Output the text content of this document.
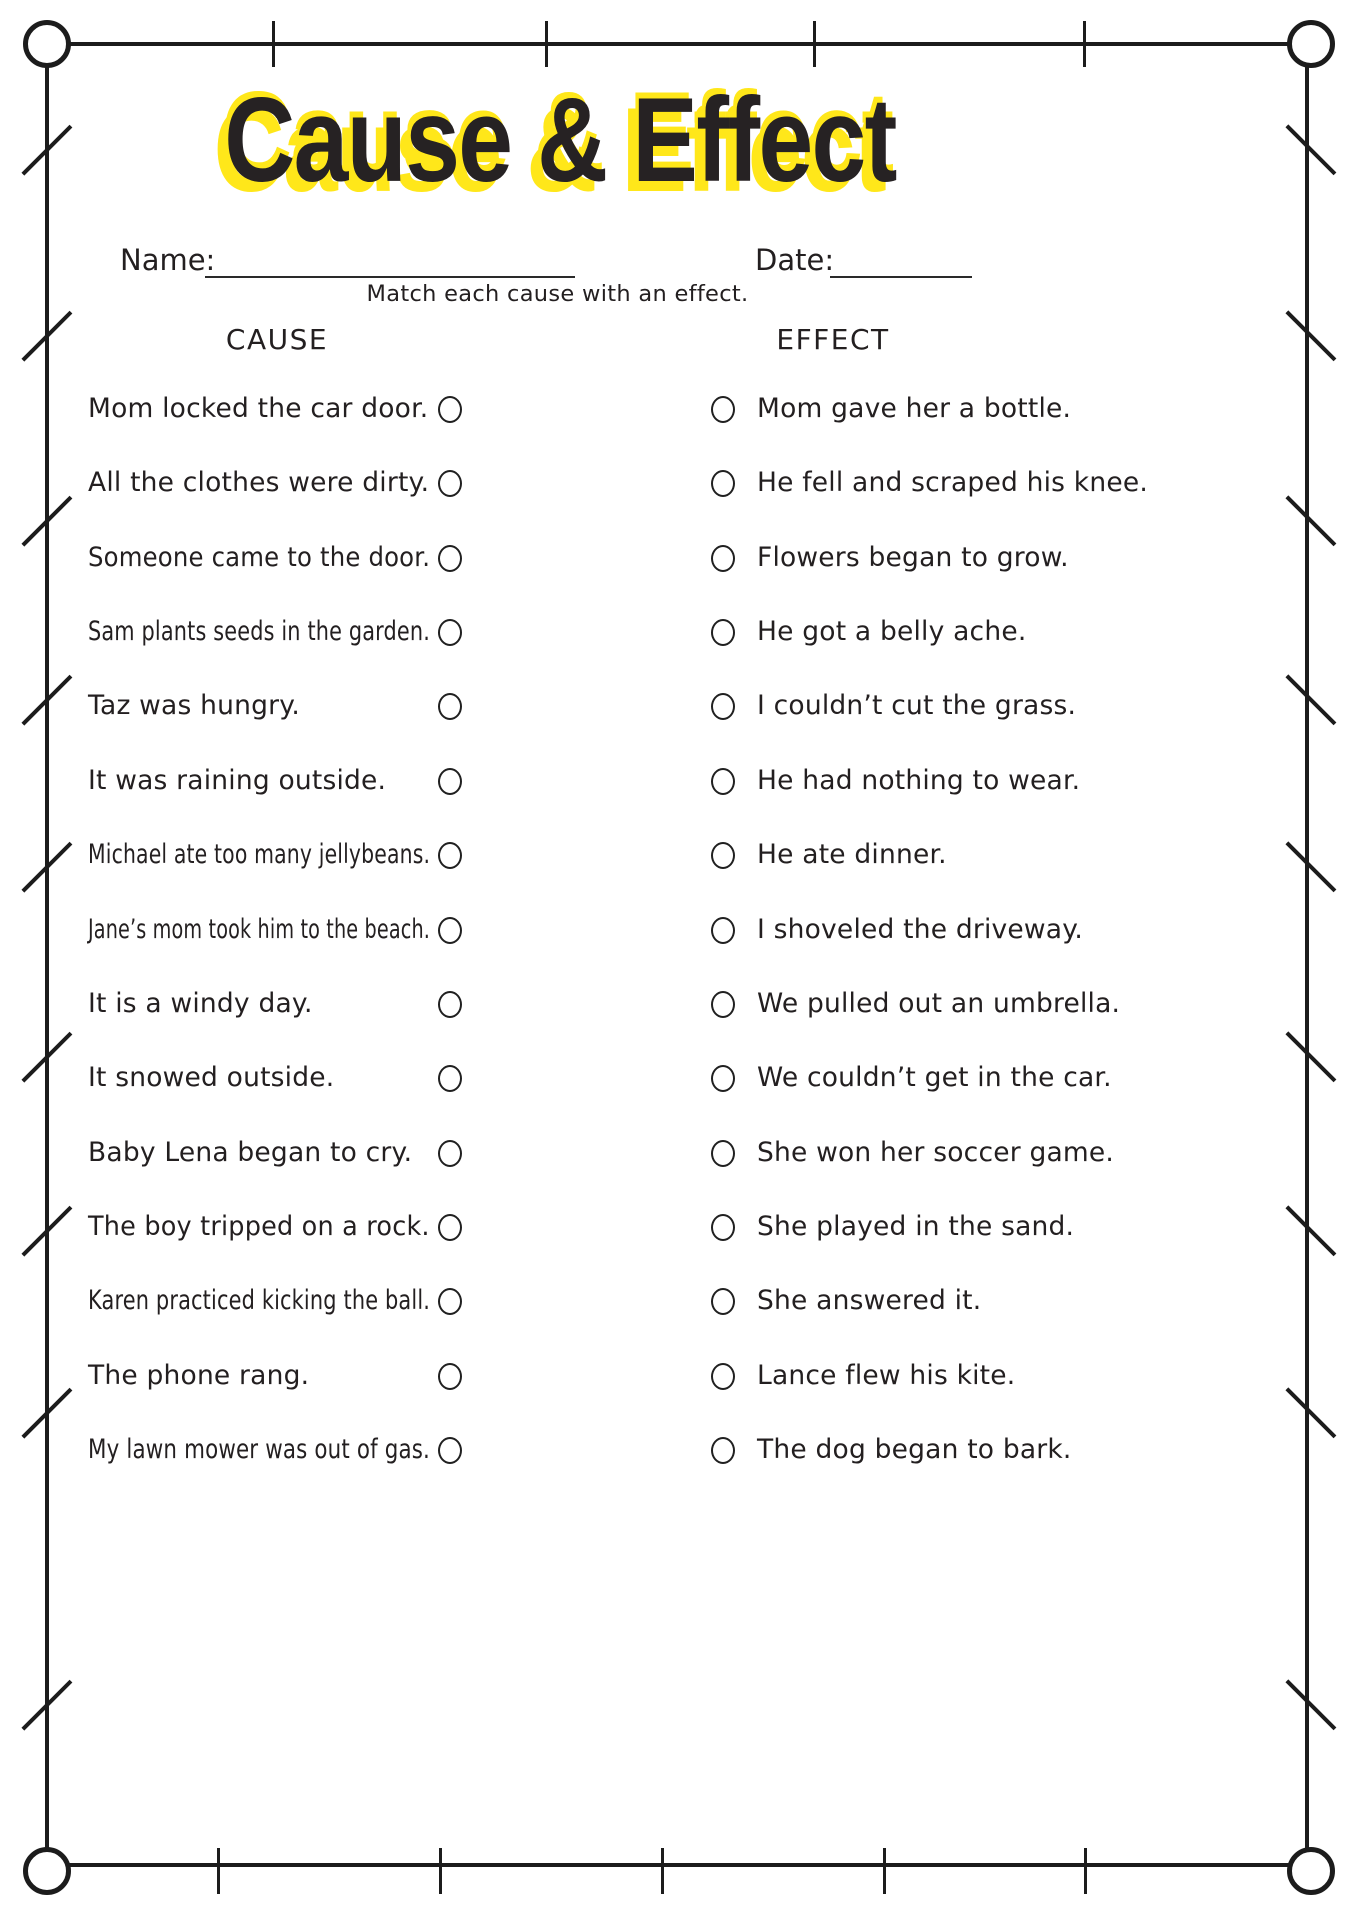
Cause & Effect
Name:	Date:
Match each cause with an effect.
CAUSE	EFFECT
Mom locked the car door.	Mom gave her a bottle.
All the clothes were dirty.	He fell and scraped his knee.
Someone came to the door.	Flowers began to grow.
Sam plants seeds in the garden.	He got a belly ache.
Taz was hungry.	I couldn’t cut the grass.
It was raining outside.	He had nothing to wear.
Michael ate too many jellybeans.	He ate dinner.
Jane’s mom took him to the beach.	I shoveled the driveway.
It is a windy day.	We pulled out an umbrella.
It snowed outside.	We couldn’t get in the car.
Baby Lena began to cry.	She won her soccer game.
The boy tripped on a rock.	She played in the sand.
Karen practiced kicking the ball.	She answered it.
The phone rang.	Lance flew his kite.
My lawn mower was out of gas.	The dog began to bark.
